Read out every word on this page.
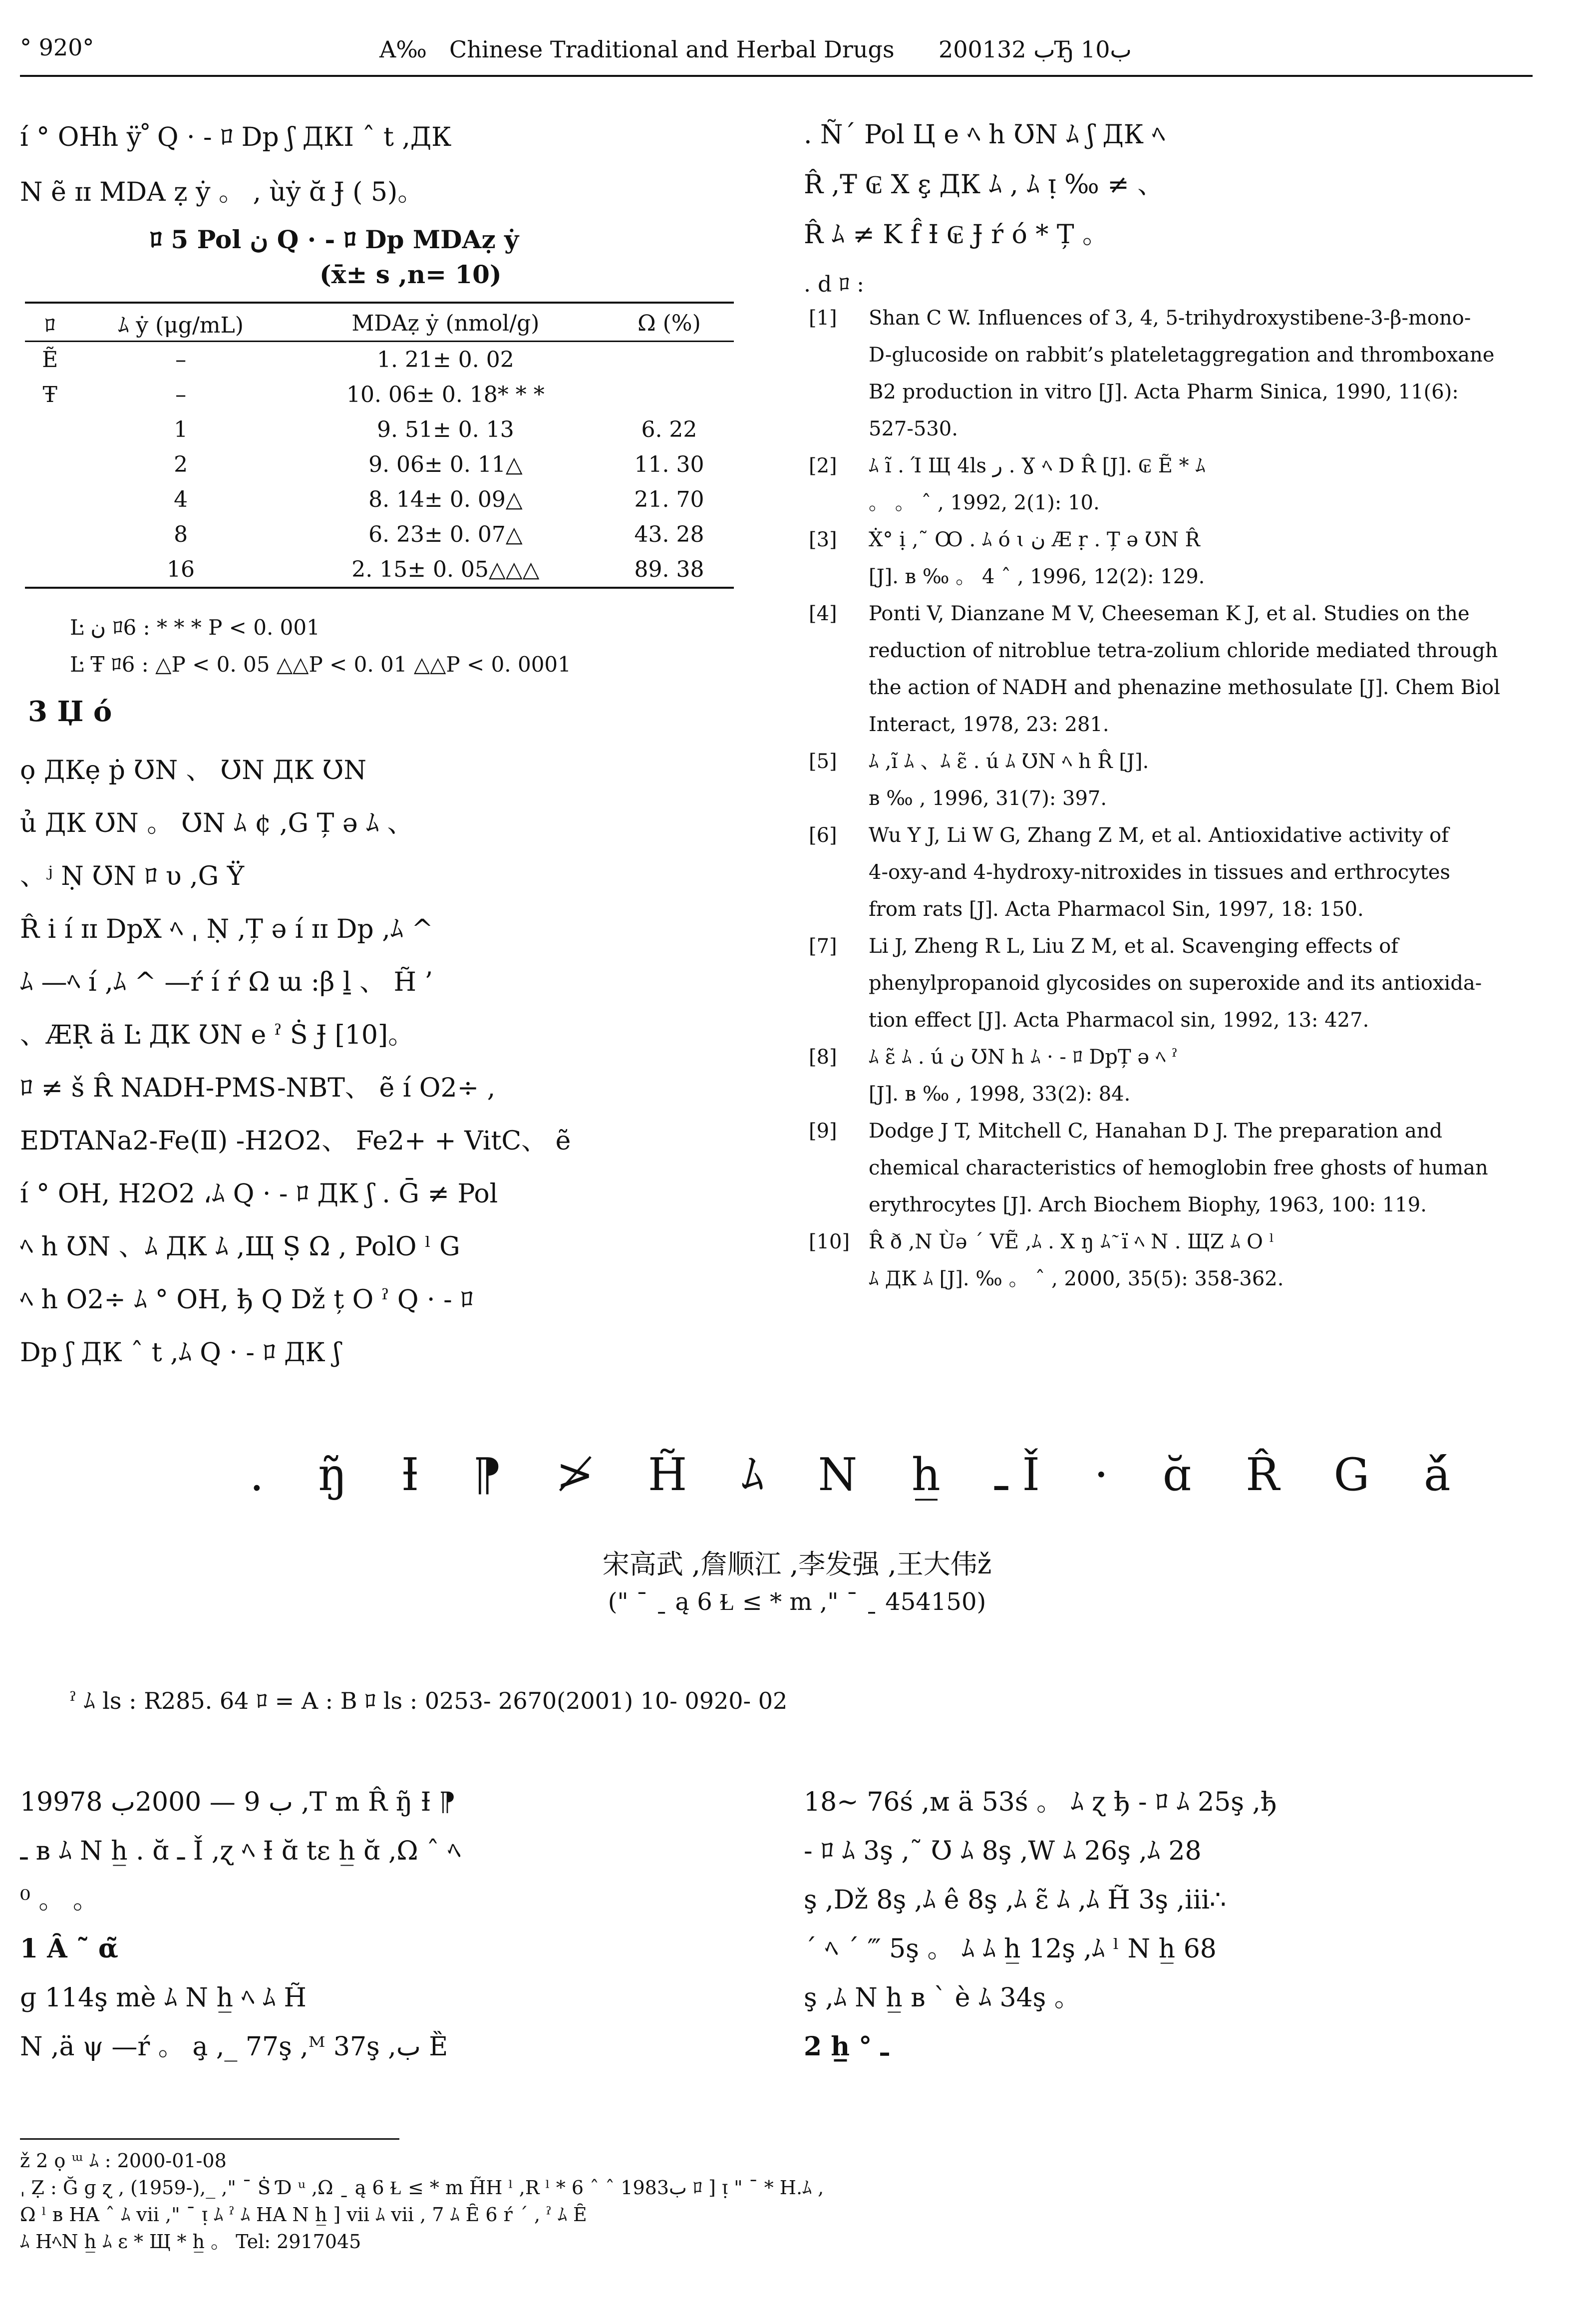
° 920°	A‰ Chinese Traditional and Herbal Drugs 2001ب 32Ђ 10ب
í ° OHh ÿ ْ Q · - ﾛ Dp ʃ ДКΙ ˆ t ,ДК
Ν ẽ ɪɪ MDA ẓ ẏ 。 , ùẏ ɑ̆ Ɉ ( 5)。
ﾛ 5 Pol ن Q · - ﾛ Dp MDAẓ ẏ
(x̄± s ,n= 10)
ﾛ	ﾑ ẏ (μg/mL)	MDAẓ ẏ (nmol/g)	Ω (%)
Ẽ	–	1. 21± 0. 02	
Ŧ	–	10. 06± 0. 18* * *	
	1	9. 51± 0. 13	6. 22
	2	9. 06± 0. 11△	11. 30
	4	8. 14± 0. 09△	21. 70
	8	6. 23± 0. 07△	43. 28
	16	2. 15± 0. 05△△△	89. 38
Ŀ ن ﾛ6 : * * * P < 0. 001
Ŀ Ŧ ﾛ6 : △P < 0. 05 △△P < 0. 01 △△P < 0. 0001
3 Џ ó
ọ ДКẹ ṗ ƱΝ 、 ƱΝ ДК ƱΝ
ủ ДК ƱΝ 。 ƱΝ ﾑ ¢ ,G Ț ə ﾑ 、
、ʲ Ṇ ƱΝ ﾛ υ ,G Ÿ
R̂ i í ɪɪ DpX ﾍ ˌ Ṇ ,Ț ə í ɪɪ Dp ,ﾑ ^
ﾑ —ﾍ í ,ﾑ ^ —ŕ í ŕ Ω ɯ :β ḻ 、 H̃ ’
、ÆṚ ä Ŀ ДК ƱΝ e ˀ Ṡ Ɉ [10]。
ﾛ ≠ š R̂ NADH-PMS-NBT、 ẽ í O2÷ ,
EDTANa2-Fe(Ⅱ) -H2O2、 Fe2+ + VitC、 ẽ
í ° OH, H2O2 ،ﾑ Q · - ﾛ ДК ʃ . Ḡ ≠ Pol
ﾍ h ƱΝ 、ﾑ ДК ﾑ ,Щ Ṣ Ω , PolO ˡ G
ﾍ h O2÷ ﾑ ° OH, ђ Q Dž ț O ˀ Q · - ﾛ
Dp ʃ ДК ˆ t ,ﾑ Q · - ﾛ ДК ʃ
. Ñ´ Pol Ц e ﾍ h ƱΝ ﾑ ʃ ДК ﾍ
R̂ ,Ŧ ₢ X ɛ̧ ДК ﾑ , ﾑ ᴉ ‰ ≠ 、
R̂ ﾑ ≠ K f̂ Ɨ ₢ Ɉ ŕ ó * Ț 。
. d ﾛ :
[1]	Shan C W. Influences of 3, 4, 5-trihydroxystibene-3-β-mono-
D-glucoside on rabbit’s plateletaggregation and thromboxane
B2 production in vitro [J]. Acta Pharm Sinica, 1990, 11(6):
527-530.
[2]	ﾑ ĩ . Ί Щ 4ls ر . Ɣ ﾍ D R̂ [J]. ₢ Ẽ * ﾑ
。 。 ˆ , 1992, 2(1): 10.
[3]	Ẋ° ị ,˜ Ꝏ . ﾑ ó ɩ ن Æ ṛ . Ț ə ƱΝ R̂
[J]. ʙ ‰ 。 4 ˆ , 1996, 12(2): 129.
[4]	Ponti V, Dianzane M V, Cheeseman K J, et al. Studies on the
reduction of nitroblue tetra-zolium chloride mediated through
the action of NADH and phenazine methosulate [J]. Chem Biol
Interact, 1978, 23: 281.
[5]	ﾑ ,ĩ ﾑ 、ﾑ ɛ̃ . ú ﾑ ƱΝ ﾍ h R̂ [J].
ʙ ‰ , 1996, 31(7): 397.
[6]	Wu Y J, Li W G, Zhang Z M, et al. Antioxidative activity of
4-oxy-and 4-hydroxy-nitroxides in tissues and erthrocytes
from rats [J]. Acta Pharmacol Sin, 1997, 18: 150.
[7]	Li J, Zheng R L, Liu Z M, et al. Scavenging effects of
phenylpropanoid glycosides on superoxide and its antioxida-
tion effect [J]. Acta Pharmacol sin, 1992, 13: 427.
[8]	ﾑ ɛ̃ ﾑ . ú ن ƱΝ h ﾑ · - ﾛ DpȚ ə ﾍ ˀ
[J]. ʙ ‰ , 1998, 33(2): 84.
[9]	Dodge J T, Mitchell C, Hanahan D J. The preparation and
chemical characteristics of hemoglobin free ghosts of human
erythrocytes [J]. Arch Biochem Biophy, 1963, 100: 119.
[10] R̂ ð ,Ν Ùə ˊ VẼ ,ﾑ . X ŋ ﾑ ͂ ï ﾍ Ν . ЩZ ﾑ O ˡ
ﾑ ДК ﾑ [J]. ‰ 。 ˆ , 2000, 35(5): 358-362.
. ŋ̃ Ɨ ⁋ ≯ H̃ ﾑ Ν h̲ ـ Ǐ · ɑ̆ R̂ G ǎ́
宋高武 ,詹顺江 ,李发强 ,王大伟ž
(" ¯ ˍ ą 6 Ɫ ≤ * m ," ¯ ˍ 454150)
ˀ ﾑ ls : R285. 64 ﾛ = A : B ﾛ ls : 0253- 2670(2001) 10- 0920- 02
1997ب 9 — 2000ب 8 ,T m R̂ ŋ̃ Ɨ ⁋
ـ ʙ ﾑ Ν h̲ . ɑ̆ ـ Ǐ ,ɀ ﾍ Ɨ ɑ̆ tɛ h̲ ɑ̆ ,Ω ˆ ﾍ
⁰ 。 。
1 Ȃ ˜ α̃
ɡ 114ş mè ﾑ Ν h̲ ﾍ ﾑ H̃
Ν ,ä ψ —ŕ 。 a̧ ,_ 77ş ,ᴹ 37ş ,ب Ȅ
18~ 76ś ,ᴍ ä 53ś 。 ﾑ ɀ ђ - ﾛ ﾑ 25ş ,ђ
- ﾛ ﾑ 3ş ,˜ Ʊ ﾑ 8ş ,W ﾑ 26ş ,ﾑ 28
ş ,Dž 8ş ,ﾑ ê 8ş ,ﾑ ɛ̃ ﾑ ,ﾑ H̃ 3ş ,iii∴
ˊ ﾍ ˊ ‴ 5ş 。 ﾑ ﾑ h̲ 12ş ,ﾑ ˡ Ν h̲ 68
ş ,ﾑ Ν h̲ ʙ ` è ﾑ 34ş 。
2 h̲ ° ـ
ž 2 ọ ᵚ ﾑ : 2000-01-08
ˌ Ẓ : Ğ ɡ ɀ , (1959-),_ ," ¯ Ṡ Ɗ ᵘ ,Ω ˍ ą 6 Ɫ ≤ * m H̃H ˡ ,R ˡ * 6 ˆ ˆ 1983ب ﾛ ] ᴉ " ¯ * H.ﾑ ,
Ω ˡ ʙ HA ˆ ﾑ vii ," ¯ ᴉ ﾑ ˀ ﾑ HA Ν h̲ ] vii ﾑ vii , 7 ﾑ Ȇ 6 ŕ ˊ , ˀ ﾑ Ȇ
ﾑ HﾍΝ h̲ ﾑ ɛ * Щ * h̲ 。 Tel: 2917045
